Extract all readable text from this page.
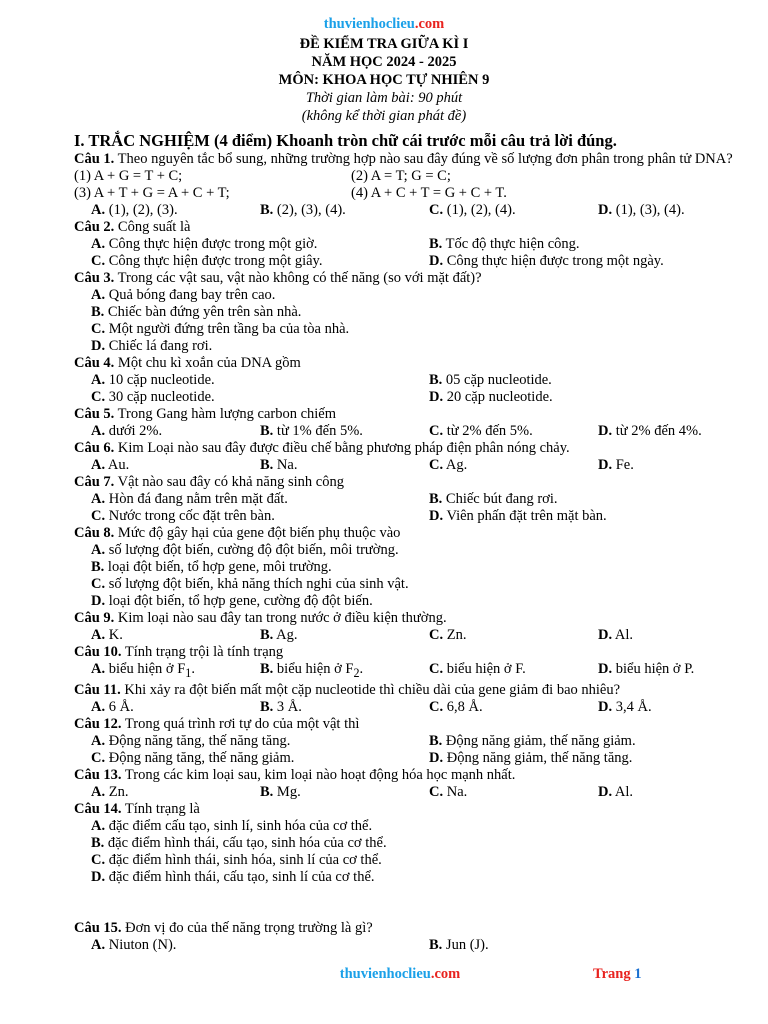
thuvienhoclieu.com
ĐỀ KIỂM TRA GIỮA KÌ I
NĂM HỌC 2024 - 2025
MÔN: KHOA HỌC TỰ NHIÊN 9
Thời gian làm bài: 90 phút
(không kể thời gian phát đề)
I. TRẮC NGHIỆM (4 điểm) Khoanh tròn chữ cái trước mỗi câu trả lời đúng.

Câu 1. Theo nguyên tắc bổ sung, những trường hợp nào sau đây đúng về số lượng đơn phân trong phân tử DNA?

(1) A + G = T + C;	(2) A = T; G = C;
(3) A + T + G = A + C + T;	(4) A + C + T = G + C + T.
A. (1), (2), (3).	B. (2), (3), (4).	C. (1), (2), (4).	D. (1), (3), (4).

Câu 2. Công suất là

A. Công thực hiện được trong một giờ.	B. Tốc độ thực hiện công.
C. Công thực hiện được trong một giây.	D. Công thực hiện được trong một ngày.

Câu 3. Trong các vật sau, vật nào không có thế năng (so với mặt đất)?

A. Quả bóng đang bay trên cao.
B. Chiếc bàn đứng yên trên sàn nhà.
C. Một người đứng trên tầng ba của tòa nhà.
D. Chiếc lá đang rơi.

Câu 4. Một chu kì xoắn của DNA gồm

A. 10 cặp nucleotide.	B. 05 cặp nucleotide.
C. 30 cặp nucleotide.	D. 20 cặp nucleotide.

Câu 5. Trong Gang hàm lượng carbon chiếm

A. dưới 2%.	B. từ 1% đến 5%.	C. từ 2% đến 5%.	D. từ 2% đến 4%.

Câu 6. Kim Loại nào sau đây được điều chế bằng phương pháp điện phân nóng chảy.

A. Au.	B. Na.	C. Ag.	D. Fe.

Câu 7. Vật nào sau đây có khả năng sinh công

A. Hòn đá đang nằm trên mặt đất.	B. Chiếc bút đang rơi.
C. Nước trong cốc đặt trên bàn.	D. Viên phấn đặt trên mặt bàn.

Câu 8. Mức độ gây hại của gene đột biến phụ thuộc vào

A. số lượng đột biến, cường độ đột biến, môi trường.
B. loại đột biến, tổ hợp gene, môi trường.
C. số lượng đột biến, khả năng thích nghi của sinh vật.
D. loại đột biến, tổ hợp gene, cường độ đột biến.

Câu 9. Kim loại nào sau đây tan trong nước ở điều kiện thường.

A. K.	B. Ag.	C. Zn.	D. Al.

Câu 10. Tính trạng trội là tính trạng

A. biểu hiện ở $F_1$.	B. biểu hiện ở $F_2$.	C. biểu hiện ở F.	D. biểu hiện ở P.

Câu 11. Khi xảy ra đột biến mất một cặp nucleotide thì chiều dài của gene giảm đi bao nhiêu?

A. 6 Å.	B. 3 Å.	C. 6,8 Å.	D. 3,4 Å.

Câu 12. Trong quá trình rơi tự do của một vật thì

A. Động năng tăng, thế năng tăng.	B. Động năng giảm, thế năng giảm.
C. Động năng tăng, thế năng giảm.	D. Động năng giảm, thế năng tăng.

Câu 13. Trong các kim loại sau, kim loại nào hoạt động hóa học mạnh nhất.

A. Zn.	B. Mg.	C. Na.	D. Al.

Câu 14. Tính trạng là

A. đặc điểm cấu tạo, sinh lí, sinh hóa của cơ thể.
B. đặc điểm hình thái, cấu tạo, sinh hóa của cơ thể.
C. đặc điểm hình thái, sinh hóa, sinh lí của cơ thể.
D. đặc điểm hình thái, cấu tạo, sinh lí của cơ thể.

Câu 15. Đơn vị đo của thế năng trọng trường là gì?

A. Niuton (N).	B. Jun (J).
thuvienhoclieu.com	Trang 1
